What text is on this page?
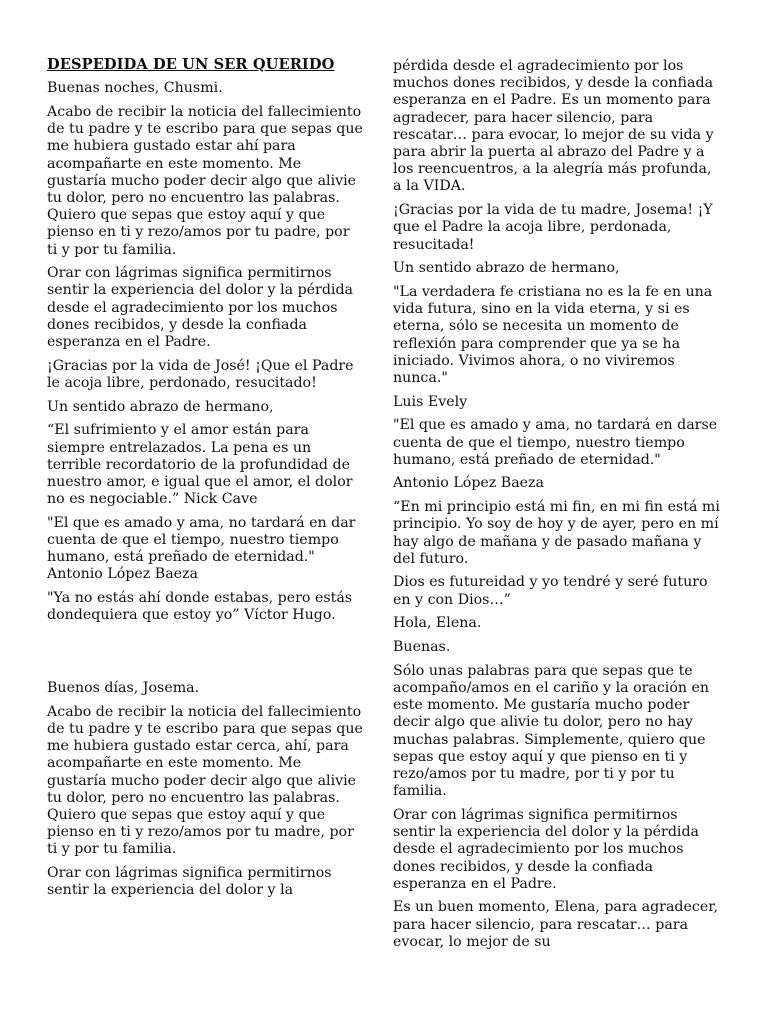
DESPEDIDA DE UN SER QUERIDO

Buenas noches, Chusmi.

Acabo de recibir la noticia del fallecimiento de tu padre y te escribo para que sepas que me hubiera gustado estar ahí para acompañarte en este momento. Me gustaría mucho poder decir algo que alivie tu dolor, pero no encuentro las palabras. Quiero que sepas que estoy aquí y que pienso en ti y rezo/amos por tu padre, por ti y por tu familia.

Orar con lágrimas significa permitirnos sentir la experiencia del dolor y la pérdida desde el agradecimiento por los muchos dones recibidos, y desde la confiada esperanza en el Padre.

¡Gracias por la vida de José! ¡Que el Padre le acoja libre, perdonado, resucitado!

Un sentido abrazo de hermano,

“El sufrimiento y el amor están para siempre entrelazados. La pena es un terrible recordatorio de la profundidad de nuestro amor, e igual que el amor, el dolor no es negociable.” Nick Cave

"El que es amado y ama, no tardará en dar cuenta de que el tiempo, nuestro tiempo humano, está preñado de eternidad." Antonio López Baeza

"Ya no estás ahí donde estabas, pero estás dondequiera que estoy yo” Víctor Hugo.

Buenos días, Josema.

Acabo de recibir la noticia del fallecimiento de tu padre y te escribo para que sepas que me hubiera gustado estar cerca, ahí, para acompañarte en este momento. Me gustaría mucho poder decir algo que alivie tu dolor, pero no encuentro las palabras. Quiero que sepas que estoy aquí y que pienso en ti y rezo/amos por tu madre, por ti y por tu familia.

Orar con lágrimas significa permitirnos sentir la experiencia del dolor y la

pérdida desde el agradecimiento por los muchos dones recibidos, y desde la confiada esperanza en el Padre. Es un momento para agradecer, para hacer silencio, para rescatar… para evocar, lo mejor de su vida y para abrir la puerta al abrazo del Padre y a los reencuentros, a la alegría más profunda, a la VIDA.

¡Gracias por la vida de tu madre, Josema! ¡Y que el Padre la acoja libre, perdonada, resucitada!

Un sentido abrazo de hermano,

"La verdadera fe cristiana no es la fe en una vida futura, sino en la vida eterna, y si es eterna, sólo se necesita un momento de reflexión para comprender que ya se ha iniciado. Vivimos ahora, o no viviremos nunca."

Luis Evely

"El que es amado y ama, no tardará en darse cuenta de que el tiempo, nuestro tiempo humano, está preñado de eternidad."

Antonio López Baeza

“En mi principio está mi fin, en mi fin está mi principio. Yo soy de hoy y de ayer, pero en mí hay algo de mañana y de pasado mañana y del futuro.

Dios es futureidad y yo tendré y seré futuro en y con Dios…”

Hola, Elena.

Buenas.

Sólo unas palabras para que sepas que te acompaño/amos en el cariño y la oración en este momento. Me gustaría mucho poder decir algo que alivie tu dolor, pero no hay muchas palabras. Simplemente, quiero que sepas que estoy aquí y que pienso en ti y rezo/amos por tu madre, por ti y por tu familia.

Orar con lágrimas significa permitirnos sentir la experiencia del dolor y la pérdida desde el agradecimiento por los muchos dones recibidos, y desde la confiada esperanza en el Padre.

Es un buen momento, Elena, para agradecer, para hacer silencio, para rescatar… para evocar, lo mejor de su
